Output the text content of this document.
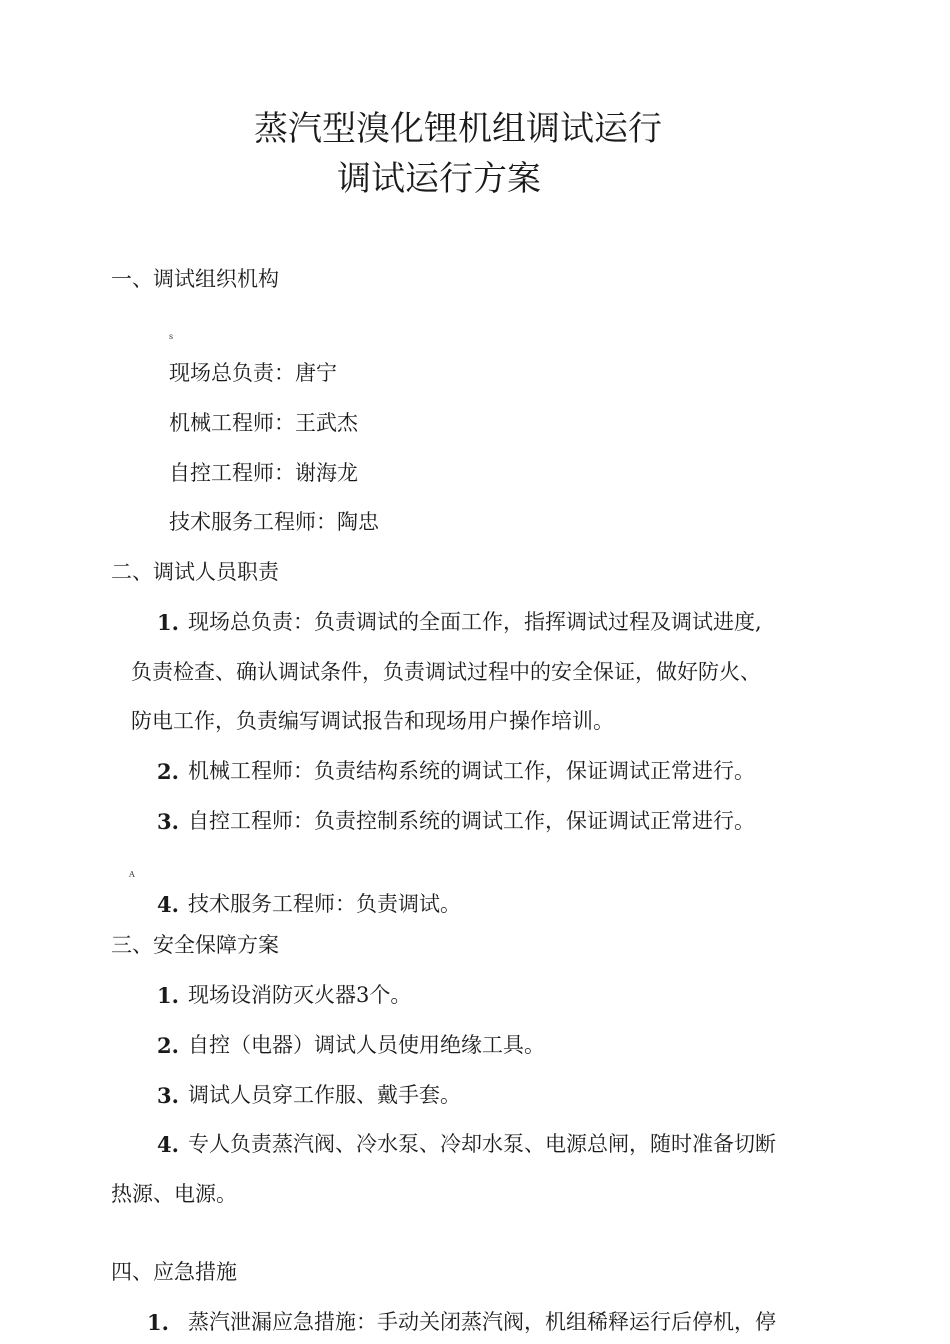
蒸汽型溴化锂机组调试运行
调试运行方案
一、调试组织机构
s
现场总负责：唐宁
机械工程师：王武杰
自控工程师：谢海龙
技术服务工程师：陶忠
二、调试人员职责
1. 现场总负责：负责调试的全面工作，指挥调试过程及调试进度,
负责检查、确认调试条件，负责调试过程中的安全保证，做好防火、
防电工作，负责编写调试报告和现场用户操作培训。
2. 机械工程师：负责结构系统的调试工作，保证调试正常进行。
3. 自控工程师：负责控制系统的调试工作，保证调试正常进行。
A
4. 技术服务工程师：负责调试。
三、安全保障方案
1. 现场设消防灭火器3个。
2. 自控（电器）调试人员使用绝缘工具。
3. 调试人员穿工作服、戴手套。
4. 专人负责蒸汽阀、冷水泵、冷却水泵、电源总闸，随时准备切断
热源、电源。
四、应急措施
1. 蒸汽泄漏应急措施：手动关闭蒸汽阀，机组稀释运行后停机，停
